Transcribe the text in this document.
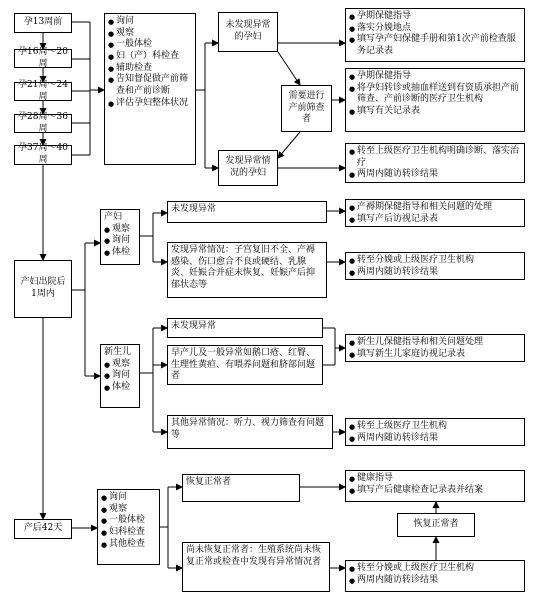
孕13周前
孕16周～20周
孕21周～24周
孕28周～36周
孕37周～40周
● 询问
● 观察
● 一般体检
● 妇（产）科检查
● 辅助检查
● 告知督促做产前筛查和产前诊断
● 评估孕妇整体状况
未发现异常的孕妇
需要进行产前筛查者
发现异常情况的孕妇
● 孕期保健指导
● 落实分娩地点
● 填写孕产妇保健手册和第1次产前检查服务记录表
● 孕期保健指导
● 将孕妇转诊或抽血样送到有资质承担产前筛查、产前诊断的医疗卫生机构
● 填写有关记录表
● 转至上级医疗卫生机构明确诊断、落实治疗
● 两周内随访转诊结果
产妇出院后1周内
产妇
● 观察
● 询问
● 体检
未发现异常
发现异常情况：子宫复旧不全、产褥感染、伤口愈合不良或硬结、乳腺炎、妊娠合并症未恢复、妊娠产后抑郁状态等
● 产褥期保健指导和相关问题的处理
● 填写产后访视记录表
● 转至分娩或上级医疗卫生机构
● 两周内随访转诊结果
新生儿
● 观察
● 询问
● 体检
未发现异常
早产儿及一般异常如鹅口疮、红臀、生理性黄疸、有喂养问题和脐部问题者
其他异常情况：听力、视力筛查有问题等
● 新生儿保健指导和相关问题处理
● 填写新生儿家庭访视记录表
● 转至上级医疗卫生机构
● 两周内随访转诊结果
产后42天
● 询问
● 观察
● 一般体检
● 妇科检查
● 其他检查
恢复正常者
尚未恢复正常者：生殖系统尚未恢复正常或检查中发现有异常情况者
● 健康指导
● 填写产后健康检查记录表并结案
恢复正常者
● 转至分娩或上级医疗卫生机构
● 两周内随访转诊结果
